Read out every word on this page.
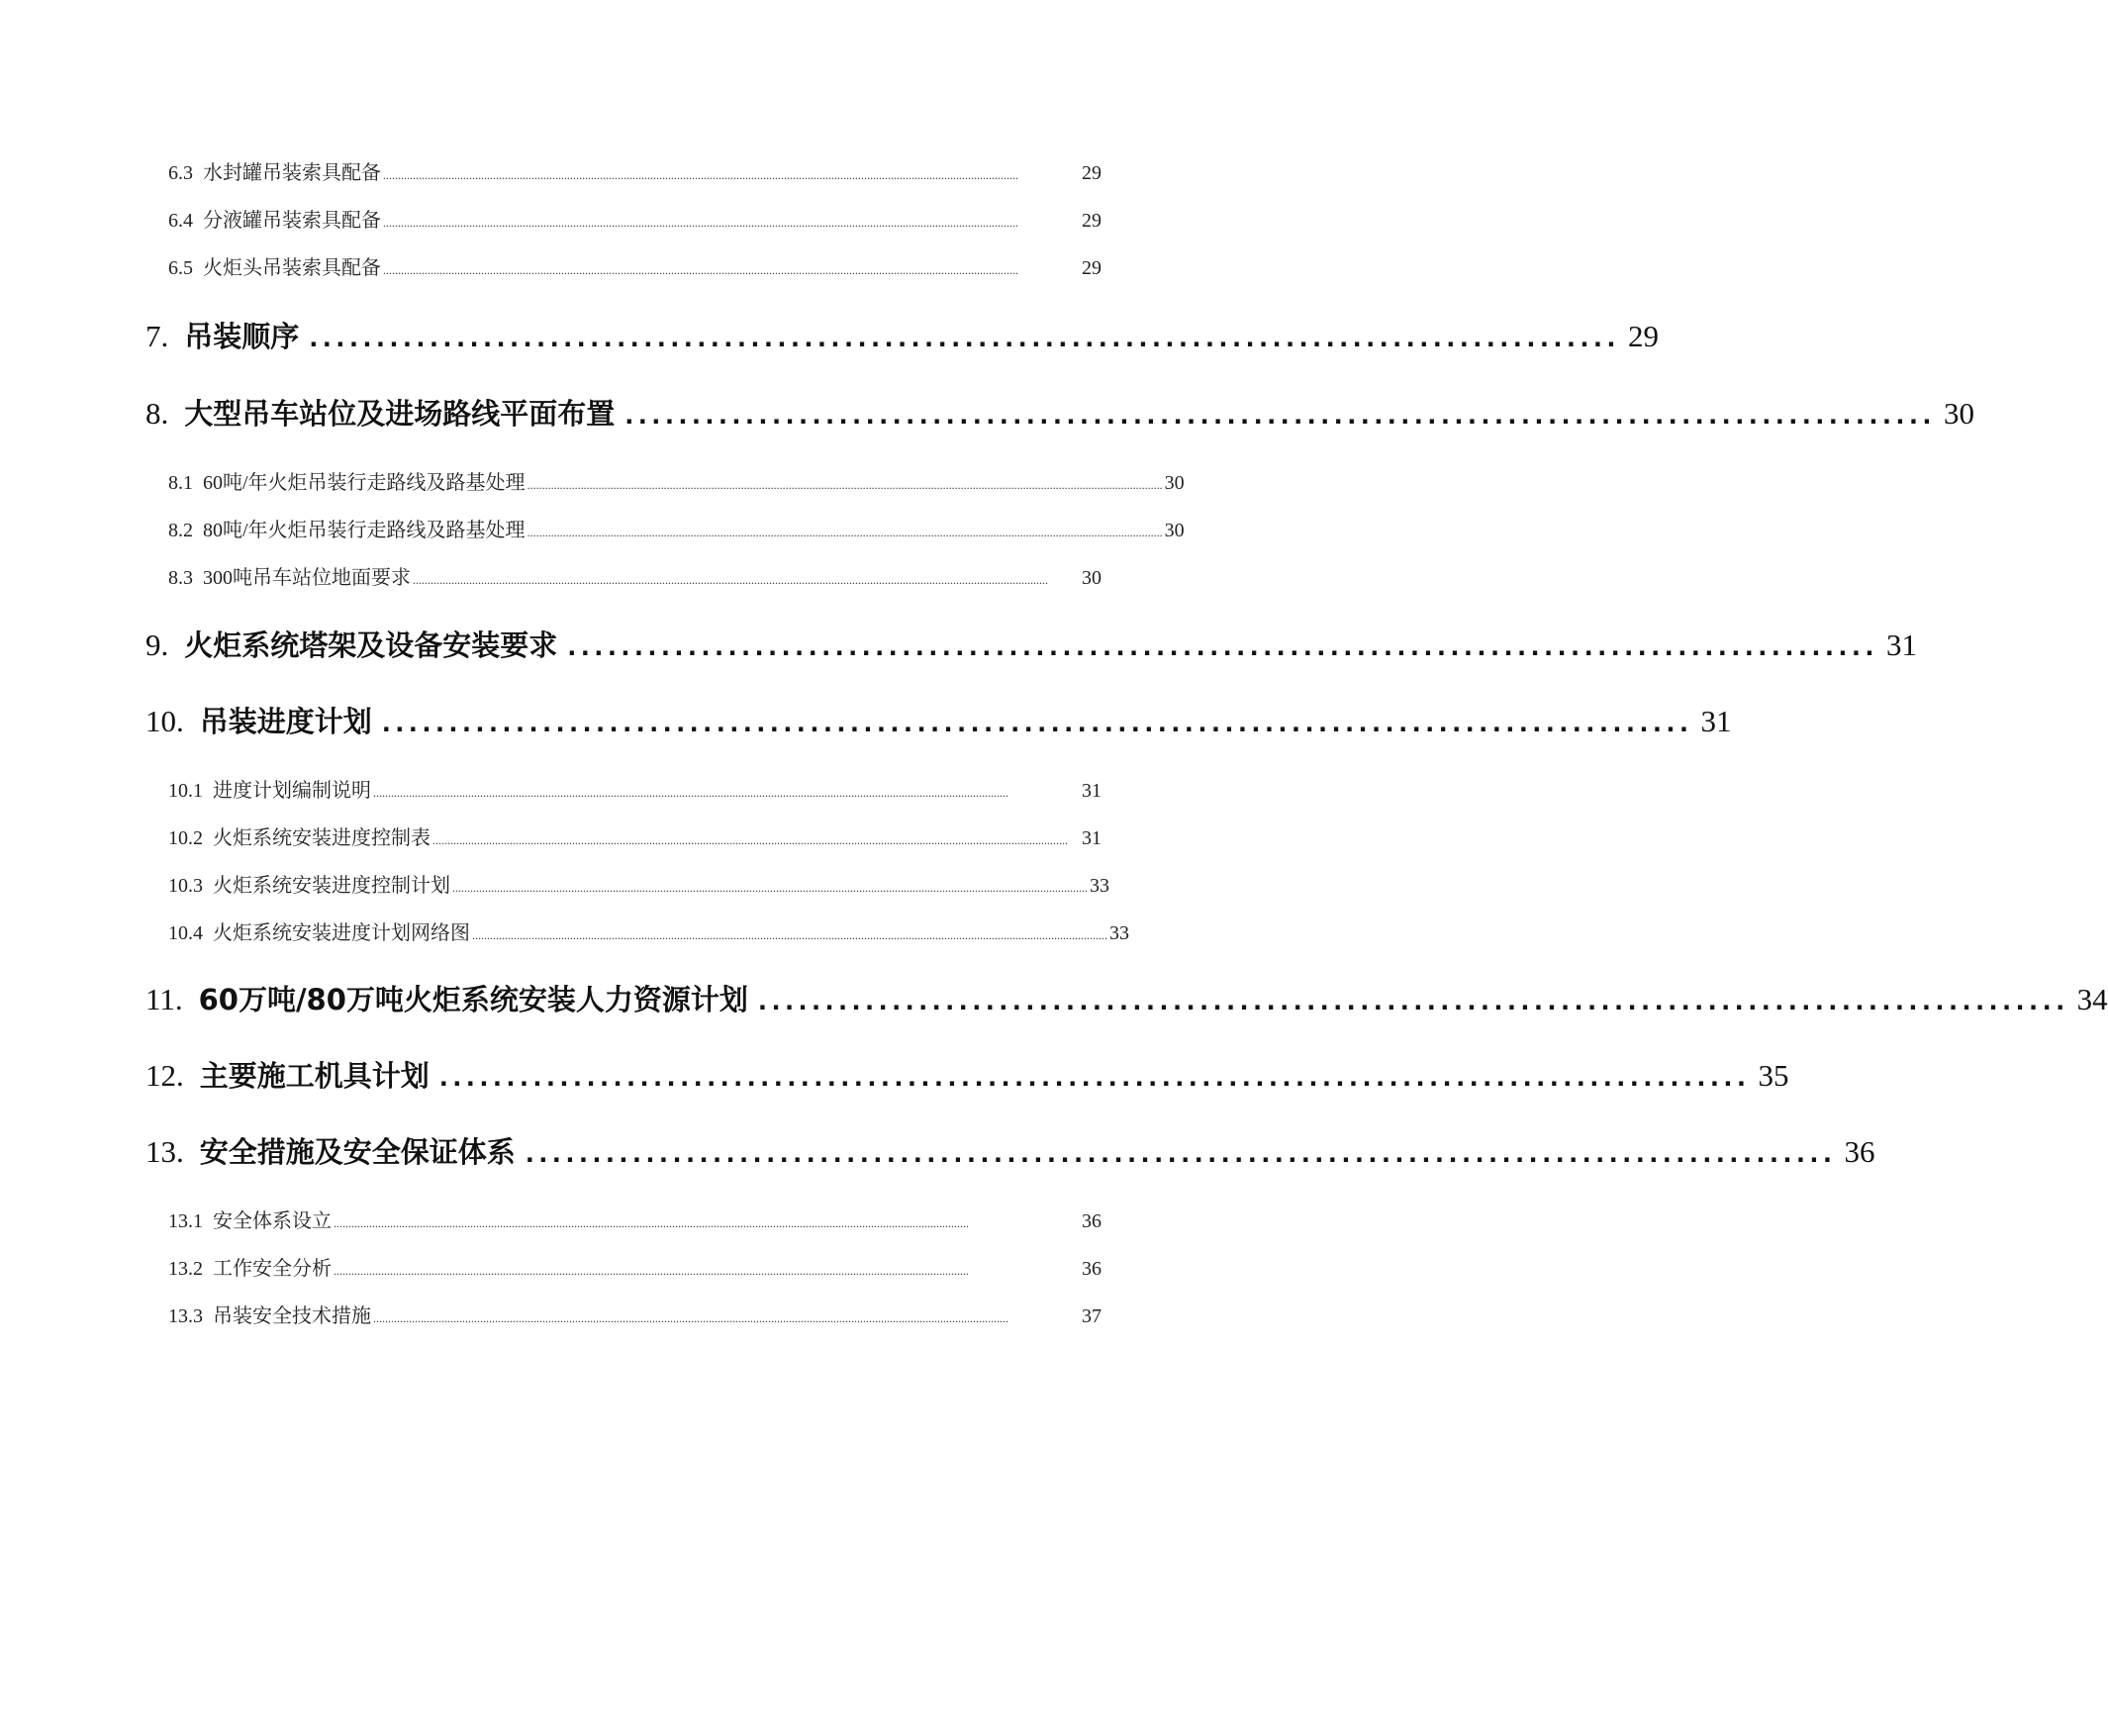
6.3 水封罐吊装索具配备 ......................................................................................................................................................................................................................	29
6.4 分液罐吊装索具配备 ......................................................................................................................................................................................................................	29
6.5 火炬头吊装索具配备 ......................................................................................................................................................................................................................	29
7. 吊装顺序 .................................................................................................. 29
8. 大型吊车站位及进场路线平面布置 .................................................................................................. 30
8.1 60吨/年火炬吊装行走路线及路基处理 ...................................................................................................................................................................................................................... 30
8.2 80吨/年火炬吊装行走路线及路基处理 ...................................................................................................................................................................................................................... 30
8.3 300吨吊车站位地面要求 ......................................................................................................................................................................................................................	30
9. 火炬系统塔架及设备安装要求 .................................................................................................. 31
10. 吊装进度计划 .................................................................................................. 31
10.1 进度计划编制说明 ......................................................................................................................................................................................................................	31
10.2 火炬系统安装进度控制表 ...................................................................................................................................................................................................................... 31
10.3 火炬系统安装进度控制计划 ...................................................................................................................................................................................................................... 33
10.4 火炬系统安装进度计划网络图 ...................................................................................................................................................................................................................... 33
11. 60万吨/80万吨火炬系统安装人力资源计划 .................................................................................................. 34
12. 主要施工机具计划 .................................................................................................. 35
13. 安全措施及安全保证体系 .................................................................................................. 36
13.1 安全体系设立 ......................................................................................................................................................................................................................	36
13.2 工作安全分析 ......................................................................................................................................................................................................................	36
13.3 吊装安全技术措施 ......................................................................................................................................................................................................................	37
